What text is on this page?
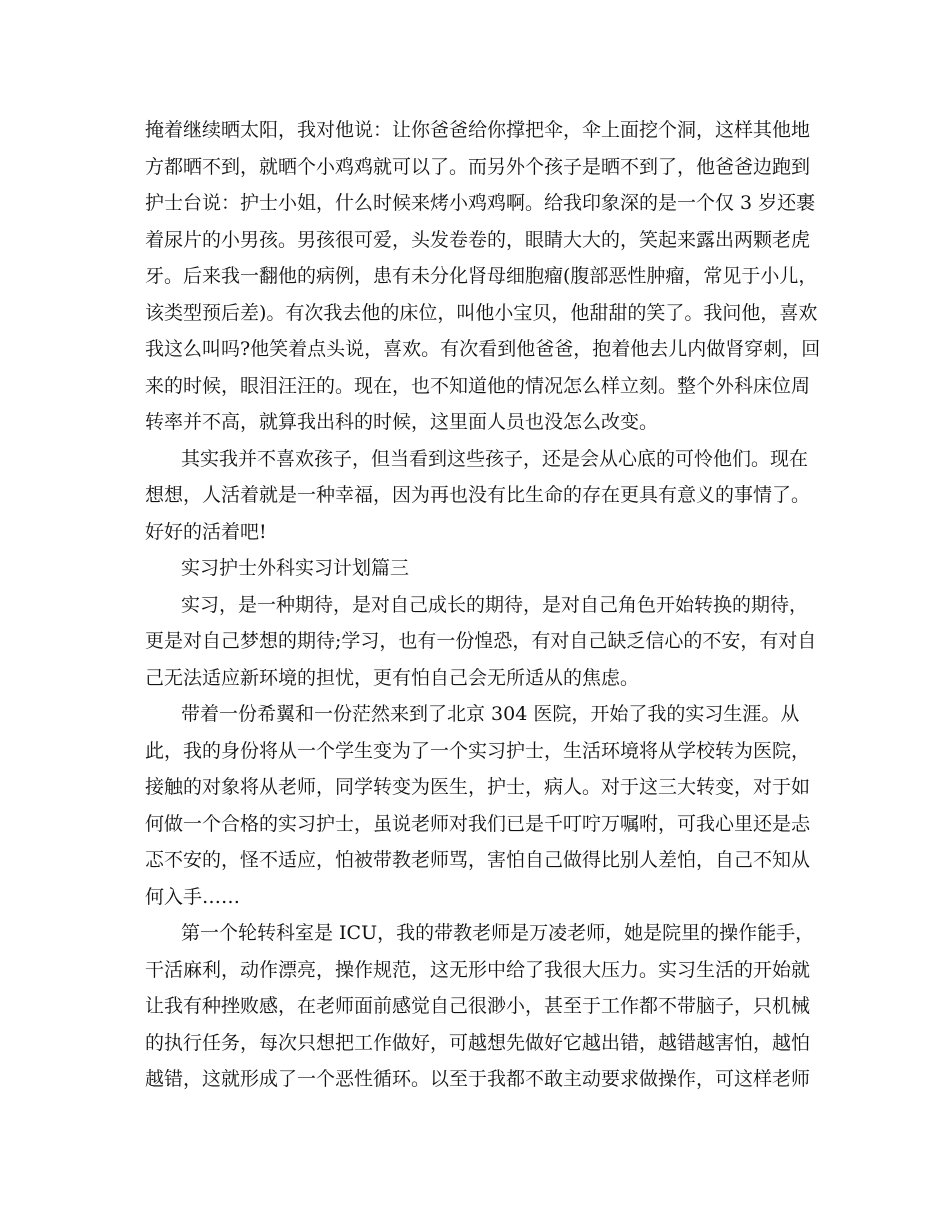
掩着继续晒太阳，我对他说：让你爸爸给你撑把伞，伞上面挖个洞，这样其他地
方都晒不到，就晒个小鸡鸡就可以了。而另外个孩子是晒不到了，他爸爸边跑到
护士台说：护士小姐，什么时候来烤小鸡鸡啊。给我印象深的是一个仅 3 岁还裹
着尿片的小男孩。男孩很可爱，头发卷卷的，眼睛大大的，笑起来露出两颗老虎
牙。后来我一翻他的病例，患有未分化肾母细胞瘤(腹部恶性肿瘤，常见于小儿，
该类型预后差)。有次我去他的床位，叫他小宝贝，他甜甜的笑了。我问他，喜欢
我这么叫吗?他笑着点头说，喜欢。有次看到他爸爸，抱着他去儿内做肾穿刺，回
来的时候，眼泪汪汪的。现在，也不知道他的情况怎么样立刻。整个外科床位周
转率并不高，就算我出科的时候，这里面人员也没怎么改变。
其实我并不喜欢孩子，但当看到这些孩子，还是会从心底的可怜他们。现在
想想，人活着就是一种幸福，因为再也没有比生命的存在更具有意义的事情了。
好好的活着吧!
实习护士外科实习计划篇三
实习，是一种期待，是对自己成长的期待，是对自己角色开始转换的期待，
更是对自己梦想的期待;学习，也有一份惶恐，有对自己缺乏信心的不安，有对自
己无法适应新环境的担忧，更有怕自己会无所适从的焦虑。
带着一份希翼和一份茫然来到了北京 304 医院，开始了我的实习生涯。从
此，我的身份将从一个学生变为了一个实习护士，生活环境将从学校转为医院，
接触的对象将从老师，同学转变为医生，护士，病人。对于这三大转变，对于如
何做一个合格的实习护士，虽说老师对我们已是千叮咛万嘱咐，可我心里还是忐
忑不安的，怪不适应，怕被带教老师骂，害怕自己做得比别人差怕，自己不知从
何入手……
第一个轮转科室是 ICU，我的带教老师是万凌老师，她是院里的操作能手，
干活麻利，动作漂亮，操作规范，这无形中给了我很大压力。实习生活的开始就
让我有种挫败感，在老师面前感觉自己很渺小，甚至于工作都不带脑子，只机械
的执行任务，每次只想把工作做好，可越想先做好它越出错，越错越害怕，越怕
越错，这就形成了一个恶性循环。以至于我都不敢主动要求做操作，可这样老师
